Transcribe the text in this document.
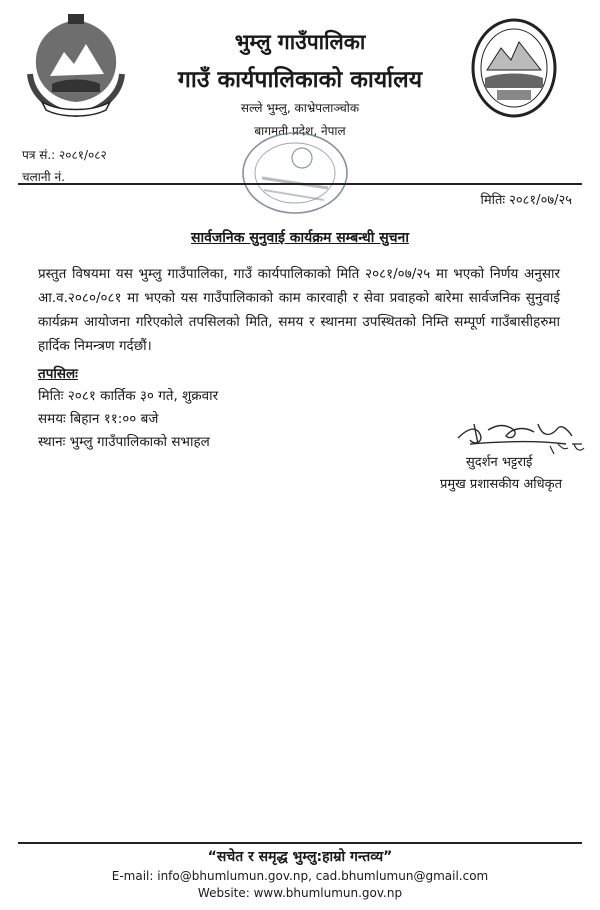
भुम्लु गाउँपालिका
गाउँ कार्यपालिकाको कार्यालय
सल्ले भुम्लु, काभ्रेपलाञ्चोक
बागमती प्रदेश, नेपाल
पत्र सं.: २०८१/०८२
चलानी नं.
मितिः २०८१/०७/२५
सार्वजनिक सुनुवाई कार्यक्रम सम्बन्धी सुचना
प्रस्तुत विषयमा यस भुम्लु गाउँपालिका, गाउँ कार्यपालिकाको मिति २०८१/०७/२५ मा भएको निर्णय अनुसार आ.व.२०८०/०८१ मा भएको यस गाउँपालिकाको काम कारवाही र सेवा प्रवाहको बारेमा सार्वजनिक सुनुवाई कार्यक्रम आयोजना गरिएकोले तपसिलको मिति, समय र स्थानमा उपस्थितको निम्ति सम्पूर्ण गाउँबासीहरुमा हार्दिक निमन्त्रण गर्दछौं।
तपसिलः
मितिः २०८१ कार्तिक ३० गते, शुक्रवार
समयः बिहान ११:०० बजे
स्थानः भुम्लु गाउँपालिकाको सभाहल
सुदर्शन भट्टराई
प्रमुख प्रशासकीय अधिकृत
“सचेत र समृद्ध भुम्लु:हाम्रो गन्तव्य”
E-mail: info@bhumlumun.gov.np, cad.bhumlumun@gmail.com
Website: www.bhumlumun.gov.np
